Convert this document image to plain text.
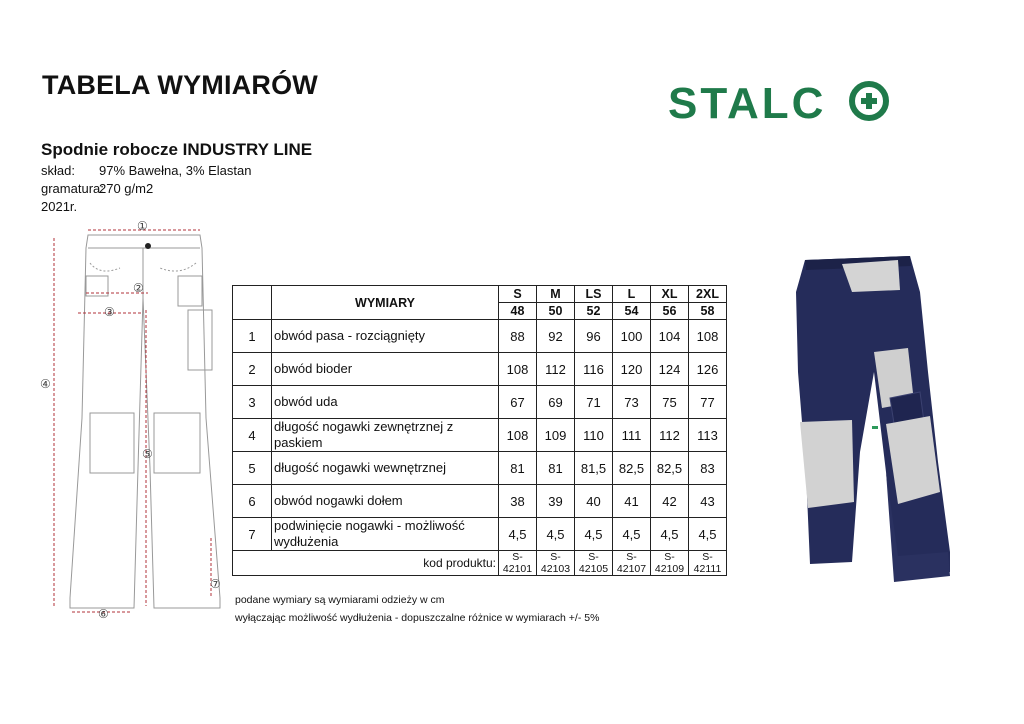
TABELA WYMIARÓW	STALC
Spodnie robocze INDUSTRY LINE
skład: 97% Bawełna, 3% Elastan
gramatura:
270 g/m2
2021r.
①
②
③
④
⑤
⑥
⑦
	WYMIARY	S	M	LS	L	XL	2XL
		48	50	52	54	56	58
1	obwód pasa - rozciągnięty	88	92	96	100	104	108
2	obwód bioder	108	112	116	120	124	126
3	obwód uda	67	69	71	73	75	77
4	długość nogawki zewnętrznej z paskiem	108	109	110	111	112	113
5	długość nogawki wewnętrznej	81	81	81,5	82,5	82,5	83
6	obwód nogawki dołem	38	39	40	41	42	43
7	podwinięcie nogawki - możliwość wydłużenia	4,5	4,5	4,5	4,5	4,5	4,5
kod produktu:		S-42101	S-42103	S-42105	S-42107	S-42109	S-42111
podane wymiary są wymiarami odzieży w cm
wyłączając możliwość wydłużenia - dopuszczalne różnice w wymiarach +/- 5%
